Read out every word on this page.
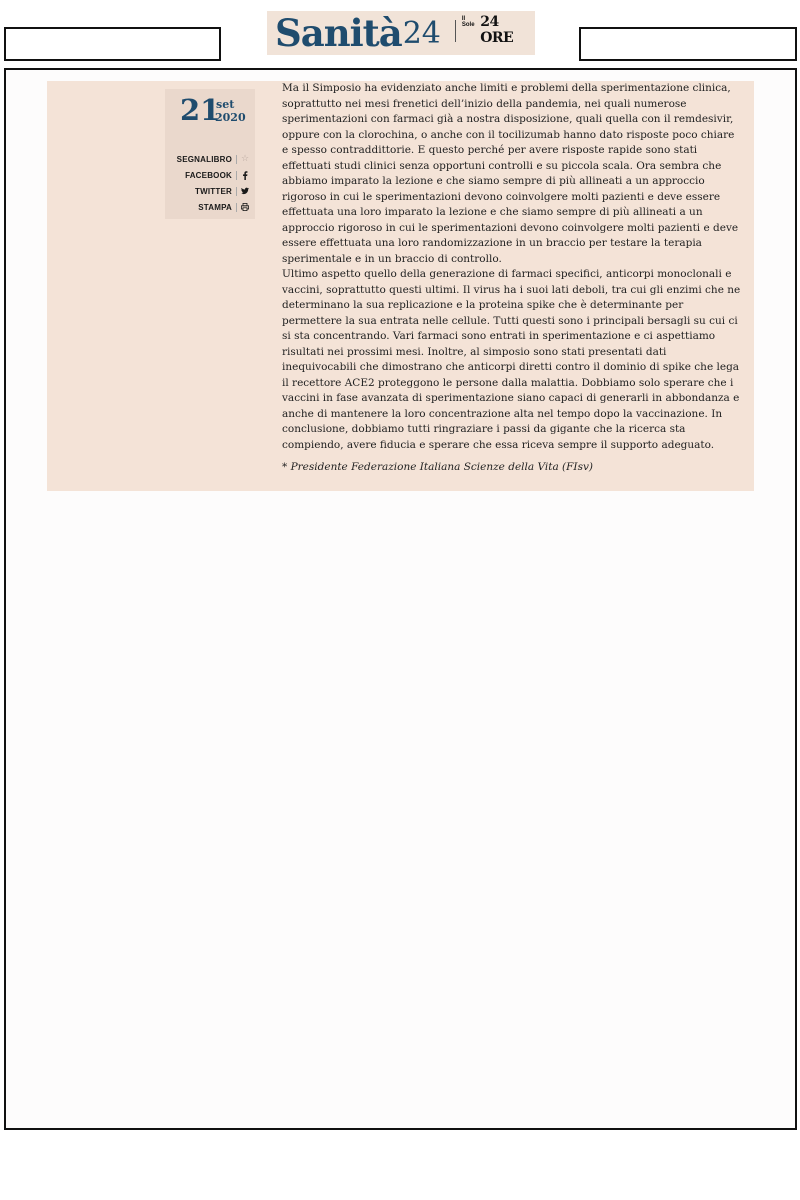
Sanità 24	Il Sole 24 ORE
21
set
2020
SEGNALIBRO ☆
FACEBOOK
TWITTER
STAMPA

Ma il Simposio ha evidenziato anche limiti e problemi della sperimentazione clinica, soprattutto nei mesi frenetici dell’inizio della pandemia, nei quali numerose sperimentazioni con farmaci già a nostra disposizione, quali quella con il remdesivir, oppure con la clorochina, o anche con il tocilizumab hanno dato risposte poco chiare e spesso contraddittorie. E questo perché per avere risposte rapide sono stati effettuati studi clinici senza opportuni controlli e su piccola scala. Ora sembra che abbiamo imparato la lezione e che siamo sempre di più allineati a un approccio rigoroso in cui le sperimentazioni devono coinvolgere molti pazienti e deve essere effettuata una loro imparato la lezione e che siamo sempre di più allineati a un approccio rigoroso in cui le sperimentazioni devono coinvolgere molti pazienti e deve essere effettuata una loro randomizzazione in un braccio per testare la terapia sperimentale e in un braccio di controllo.

Ultimo aspetto quello della generazione di farmaci specifici, anticorpi monoclonali e vaccini, soprattutto questi ultimi. Il virus ha i suoi lati deboli, tra cui gli enzimi che ne determinano la sua replicazione e la proteina spike che è determinante per permettere la sua entrata nelle cellule. Tutti questi sono i principali bersagli su cui ci si sta concentrando. Vari farmaci sono entrati in sperimentazione e ci aspettiamo risultati nei prossimi mesi. Inoltre, al simposio sono stati presentati dati inequivocabili che dimostrano che anticorpi diretti contro il dominio di spike che lega il recettore ACE2 proteggono le persone dalla malattia. Dobbiamo solo sperare che i vaccini in fase avanzata di sperimentazione siano capaci di generarli in abbondanza e anche di mantenere la loro concentrazione alta nel tempo dopo la vaccinazione. In conclusione, dobbiamo tutti ringraziare i passi da gigante che la ricerca sta compiendo, avere fiducia e sperare che essa riceva sempre il supporto adeguato.

* Presidente Federazione Italiana Scienze della Vita (FIsv)
